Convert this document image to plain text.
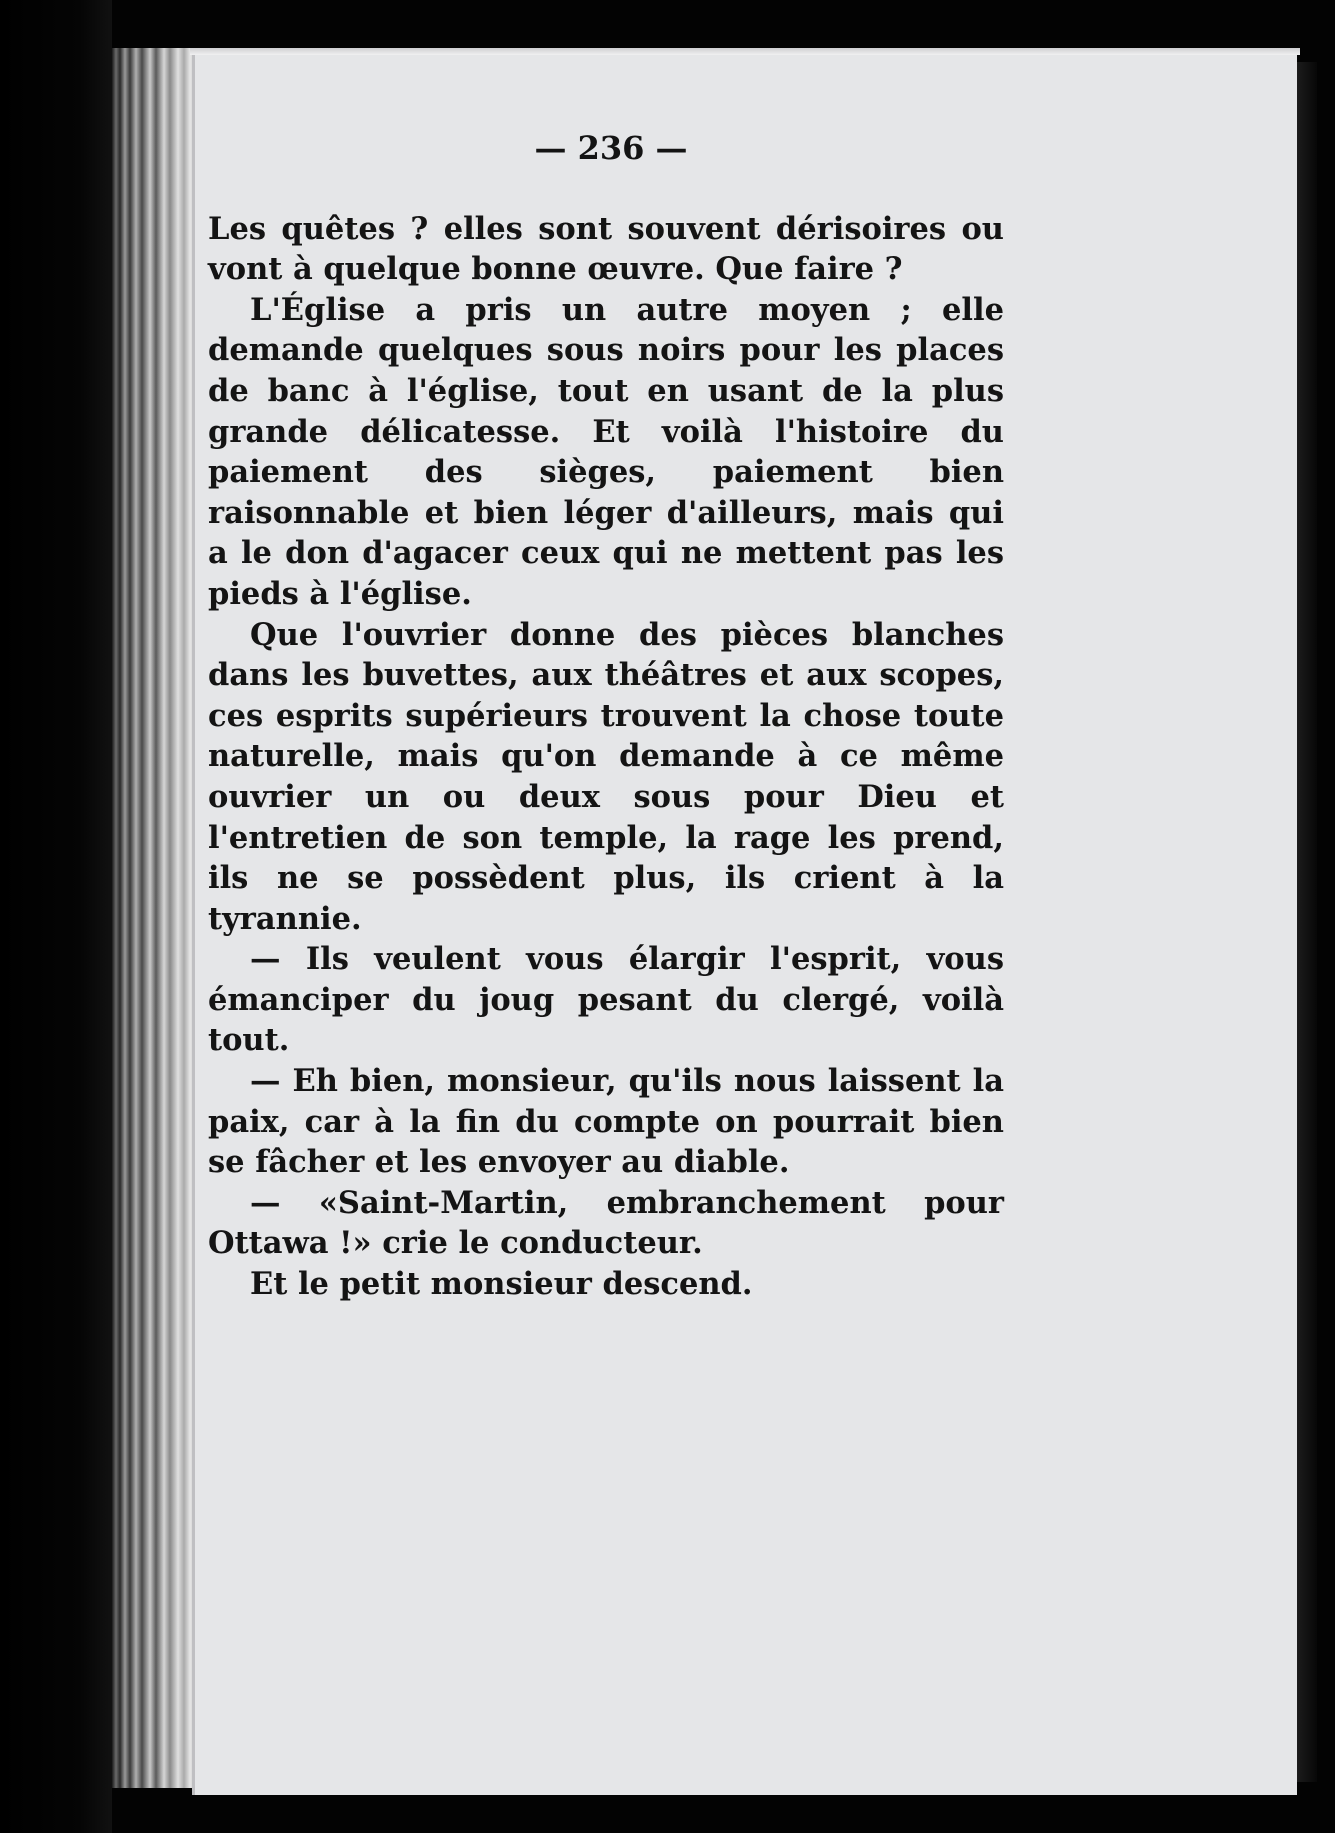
— 236 —

Les quêtes ? elles sont souvent dérisoires ou vont à quelque bonne œuvre. Que faire ?

L'Église a pris un autre moyen ; elle demande quelques sous noirs pour les places de banc à l'église, tout en usant de la plus grande délicatesse. Et voilà l'histoire du paiement des sièges, paiement bien raisonnable et bien léger d'ailleurs, mais qui a le don d'agacer ceux qui ne mettent pas les pieds à l'église.

Que l'ouvrier donne des pièces blanches dans les buvettes, aux théâtres et aux scopes, ces esprits supérieurs trouvent la chose toute naturelle, mais qu'on demande à ce même ouvrier un ou deux sous pour Dieu et l'entretien de son temple, la rage les prend, ils ne se possèdent plus, ils crient à la tyrannie.

— Ils veulent vous élargir l'esprit, vous émanciper du joug pesant du clergé, voilà tout.

— Eh bien, monsieur, qu'ils nous laissent la paix, car à la fin du compte on pourrait bien se fâcher et les envoyer au diable.

— «Saint-Martin, embranchement pour Ottawa !» crie le conducteur.

Et le petit monsieur descend.
